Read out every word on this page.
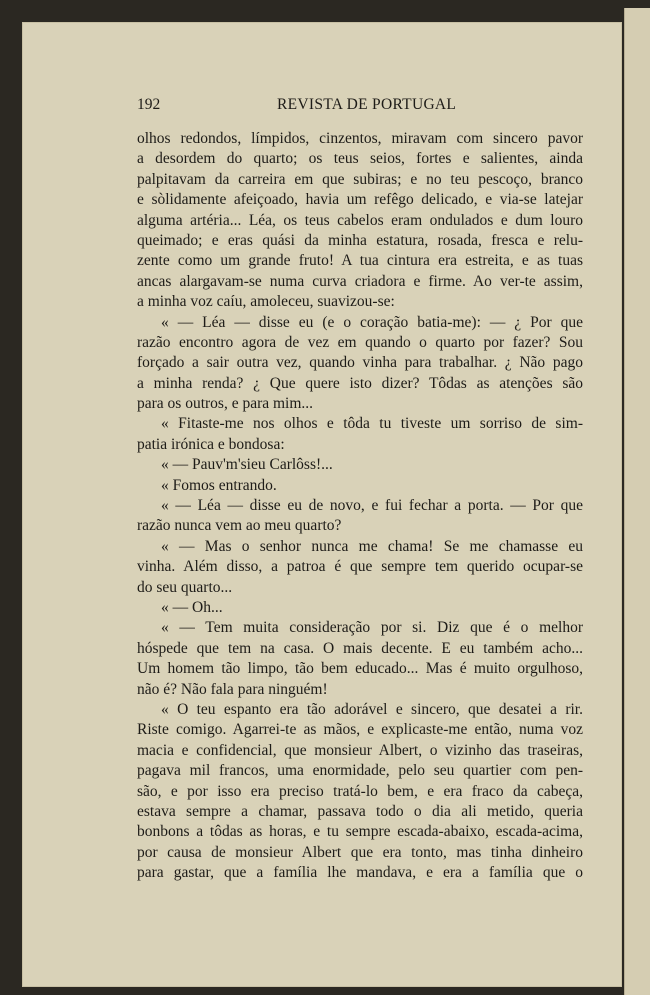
192	REVISTA DE PORTUGAL
olhos redondos, límpidos, cinzentos, miravam com sincero pavor
a desordem do quarto; os teus seios, fortes e salientes, ainda
palpitavam da carreira em que subiras; e no teu pescoço, branco
e sòlidamente afeiçoado, havia um refêgo delicado, e via-se latejar
alguma artéria... Léa, os teus cabelos eram ondulados e dum louro
queimado; e eras quási da minha estatura, rosada, fresca e relu-
zente como um grande fruto! A tua cintura era estreita, e as tuas
ancas alargavam-se numa curva criadora e firme. Ao ver-te assim,
a minha voz caíu, amoleceu, suavizou-se:
« — Léa — disse eu (e o coração batia-me): — ¿ Por que
razão encontro agora de vez em quando o quarto por fazer? Sou
forçado a sair outra vez, quando vinha para trabalhar. ¿ Não pago
a minha renda? ¿ Que quere isto dizer? Tôdas as atenções são
para os outros, e para mim...
« Fitaste-me nos olhos e tôda tu tiveste um sorriso de sim-
patia irónica e bondosa:
« — Pauv'm'sieu Carlôss!...
« Fomos entrando.
« — Léa — disse eu de novo, e fui fechar a porta. — Por que
razão nunca vem ao meu quarto?
« — Mas o senhor nunca me chama! Se me chamasse eu
vinha. Além disso, a patroa é que sempre tem querido ocupar-se
do seu quarto...
« — Oh...
« — Tem muita consideração por si. Diz que é o melhor
hóspede que tem na casa. O mais decente. E eu também acho...
Um homem tão limpo, tão bem educado... Mas é muito orgulhoso,
não é? Não fala para ninguém!
« O teu espanto era tão adorável e sincero, que desatei a rir.
Riste comigo. Agarrei-te as mãos, e explicaste-me então, numa voz
macia e confidencial, que monsieur Albert, o vizinho das traseiras,
pagava mil francos, uma enormidade, pelo seu quartier com pen-
são, e por isso era preciso tratá-lo bem, e era fraco da cabeça,
estava sempre a chamar, passava todo o dia ali metido, queria
bonbons a tôdas as horas, e tu sempre escada-abaixo, escada-acima,
por causa de monsieur Albert que era tonto, mas tinha dinheiro
para gastar, que a família lhe mandava, e era a família que o
